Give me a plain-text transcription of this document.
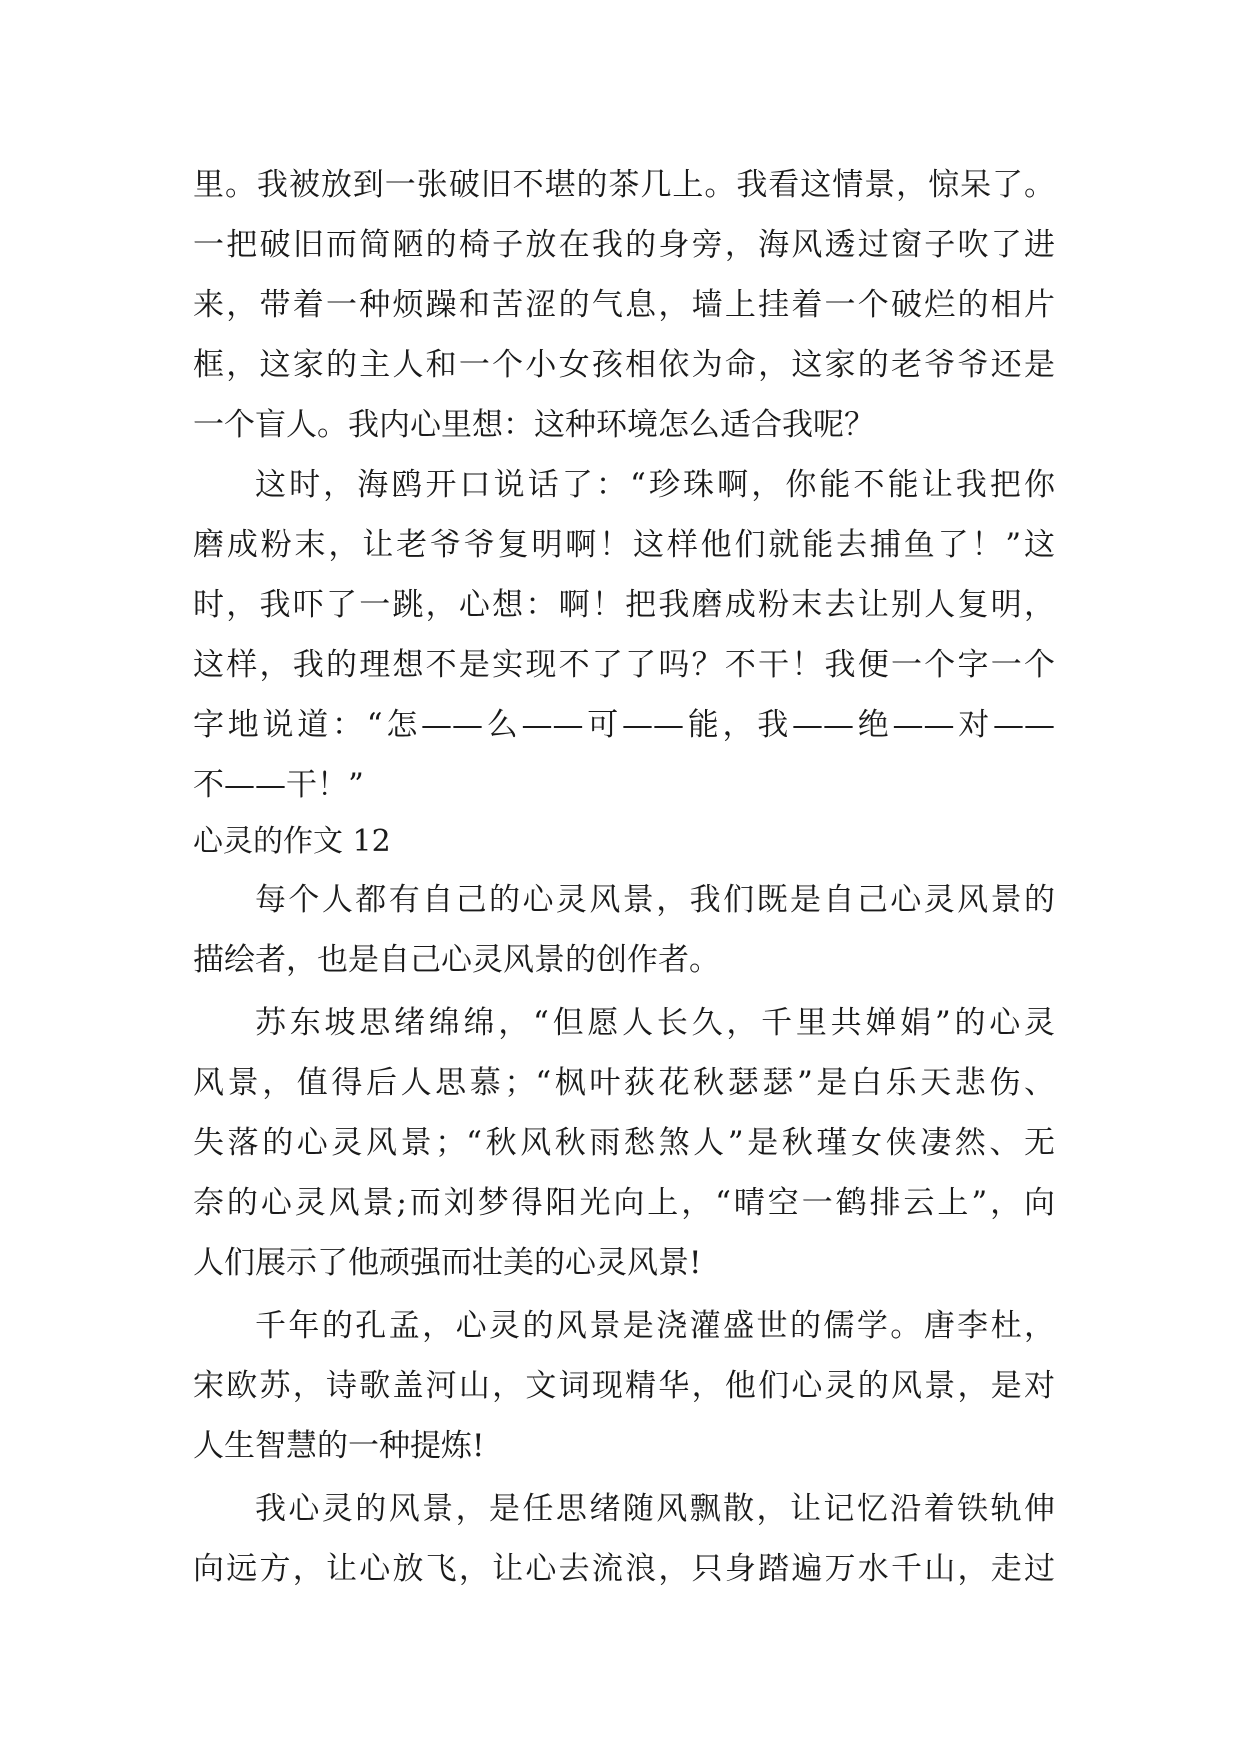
里。我被放到一张破旧不堪的茶几上。我看这情景，惊呆了。
一把破旧而简陋的椅子放在我的身旁，海风透过窗子吹了进
来，带着一种烦躁和苦涩的气息，墙上挂着一个破烂的相片
框，这家的主人和一个小女孩相依为命，这家的老爷爷还是
一个盲人。我内心里想：这种环境怎么适合我呢？
这时，海鸥开口说话了：“珍珠啊，你能不能让我把你
磨成粉末，让老爷爷复明啊！这样他们就能去捕鱼了！”这
时，我吓了一跳，心想：啊！把我磨成粉末去让别人复明，
这样，我的理想不是实现不了了吗？不干！我便一个字一个
字地说道：“怎——么——可——能，我——绝——对——
不——干！”
心灵的作文 12
每个人都有自己的心灵风景，我们既是自己心灵风景的
描绘者，也是自己心灵风景的创作者。
苏东坡思绪绵绵，“但愿人长久，千里共婵娟”的心灵
风景，值得后人思慕；“枫叶荻花秋瑟瑟”是白乐天悲伤、
失落的心灵风景；“秋风秋雨愁煞人”是秋瑾女侠凄然、无
奈的心灵风景;而刘梦得阳光向上，“晴空一鹤排云上”，向
人们展示了他顽强而壮美的心灵风景!
千年的孔孟，心灵的风景是浇灌盛世的儒学。唐李杜，
宋欧苏，诗歌盖河山，文词现精华，他们心灵的风景，是对
人生智慧的一种提炼!
我心灵的风景，是任思绪随风飘散，让记忆沿着铁轨伸
向远方，让心放飞，让心去流浪，只身踏遍万水千山，走过
